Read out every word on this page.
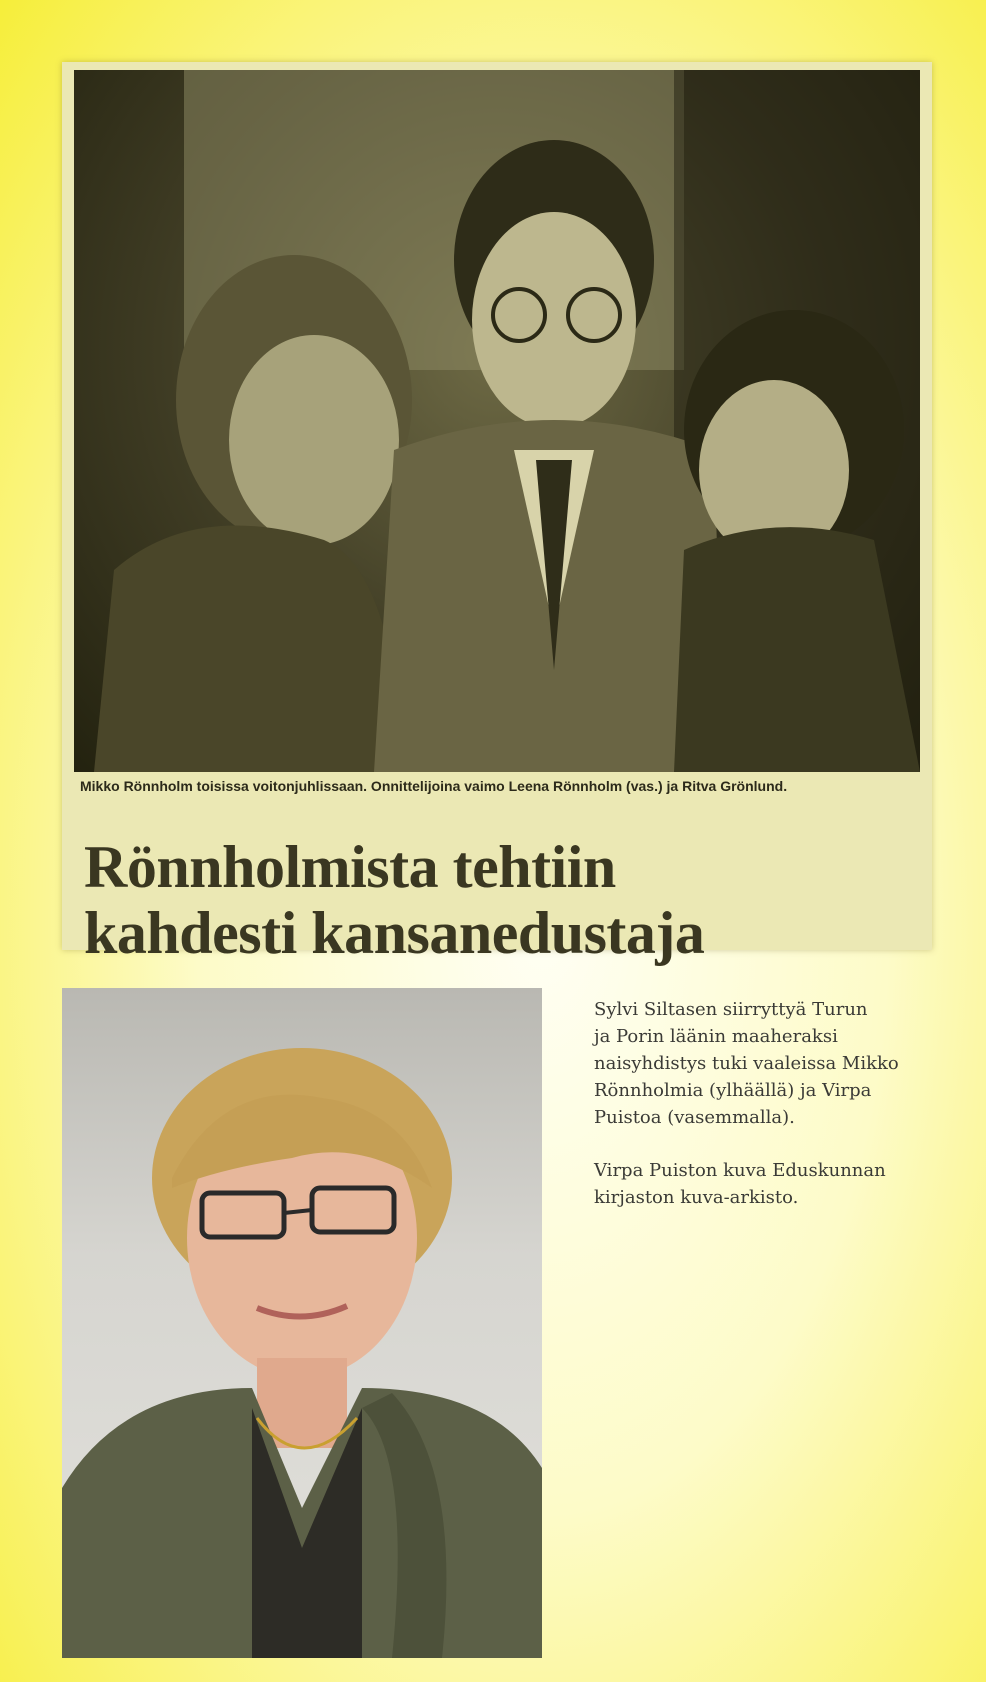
Mikko Rönnholm toisissa voitonjuhlissaan. Onnittelijoina vaimo Leena Rönnholm (vas.) ja Ritva Grönlund.
Rönnholmista tehtiin
kahdesti kansanedustaja

Sylvi Siltasen siirryttyä Turun
ja Porin läänin maaheraksi
naisyhdistys tuki vaaleissa Mikko
Rönnholmia (ylhäällä) ja Virpa
Puistoa (vasemmalla).

Virpa Puiston kuva Eduskunnan
kirjaston kuva-arkisto.
